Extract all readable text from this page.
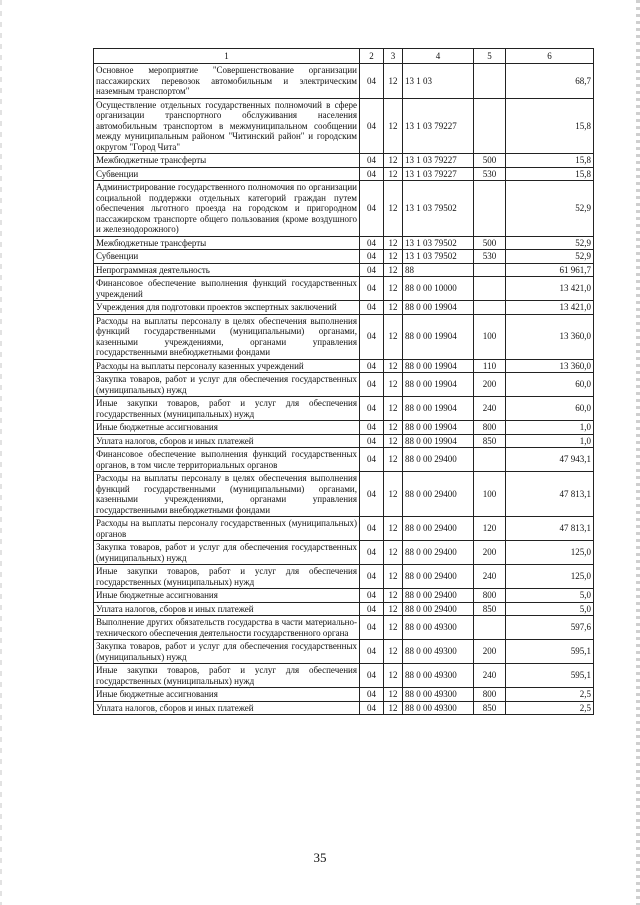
1	2	3	4	5	6
Основное мероприятие "Совершенствование организации пассажирских перевозок автомобильным и электрическим наземным транспортом"	04	12	13 1 03		68,7
Осуществление отдельных государственных полномочий в сфере организации транспортного обслуживания населения автомобильным транспортом в межмуниципальном сообщении между муниципальным районом "Читинский район" и городским округом "Город Чита"	04	12	13 1 03 79227		15,8
Межбюджетные трансферты	04	12	13 1 03 79227	500	15,8
Субвенции	04	12	13 1 03 79227	530	15,8
Администрирование государственного полномочия по организации социальной поддержки отдельных категорий граждан путем обеспечения льготного проезда на городском и пригородном пассажирском транспорте общего пользования (кроме воздушного и железнодорожного)	04	12	13 1 03 79502		52,9
Межбюджетные трансферты	04	12	13 1 03 79502	500	52,9
Субвенции	04	12	13 1 03 79502	530	52,9
Непрограммная деятельность	04	12	88		61 961,7
Финансовое обеспечение выполнения функций государственных учреждений	04	12	88 0 00 10000		13 421,0
Учреждения для подготовки проектов экспертных заключений	04	12	88 0 00 19904		13 421,0
Расходы на выплаты персоналу в целях обеспечения выполнения функций государственными (муниципальными) органами, казенными учреждениями, органами управления государственными внебюджетными фондами	04	12	88 0 00 19904	100	13 360,0
Расходы на выплаты персоналу казенных учреждений	04	12	88 0 00 19904	110	13 360,0
Закупка товаров, работ и услуг для обеспечения государственных (муниципальных) нужд	04	12	88 0 00 19904	200	60,0
Иные закупки товаров, работ и услуг для обеспечения государственных (муниципальных) нужд	04	12	88 0 00 19904	240	60,0
Иные бюджетные ассигнования	04	12	88 0 00 19904	800	1,0
Уплата налогов, сборов и иных платежей	04	12	88 0 00 19904	850	1,0
Финансовое обеспечение выполнения функций государственных органов, в том числе территориальных органов	04	12	88 0 00 29400		47 943,1
Расходы на выплаты персоналу в целях обеспечения выполнения функций государственными (муниципальными) органами, казенными учреждениями, органами управления государственными внебюджетными фондами	04	12	88 0 00 29400	100	47 813,1
Расходы на выплаты персоналу государственных (муниципальных) органов	04	12	88 0 00 29400	120	47 813,1
Закупка товаров, работ и услуг для обеспечения государственных (муниципальных) нужд	04	12	88 0 00 29400	200	125,0
Иные закупки товаров, работ и услуг для обеспечения государственных (муниципальных) нужд	04	12	88 0 00 29400	240	125,0
Иные бюджетные ассигнования	04	12	88 0 00 29400	800	5,0
Уплата налогов, сборов и иных платежей	04	12	88 0 00 29400	850	5,0
Выполнение других обязательств государства в части материально-технического обеспечения деятельности государственного органа	04	12	88 0 00 49300		597,6
Закупка товаров, работ и услуг для обеспечения государственных (муниципальных) нужд	04	12	88 0 00 49300	200	595,1
Иные закупки товаров, работ и услуг для обеспечения государственных (муниципальных) нужд	04	12	88 0 00 49300	240	595,1
Иные бюджетные ассигнования	04	12	88 0 00 49300	800	2,5
Уплата налогов, сборов и иных платежей	04	12	88 0 00 49300	850	2,5
35
